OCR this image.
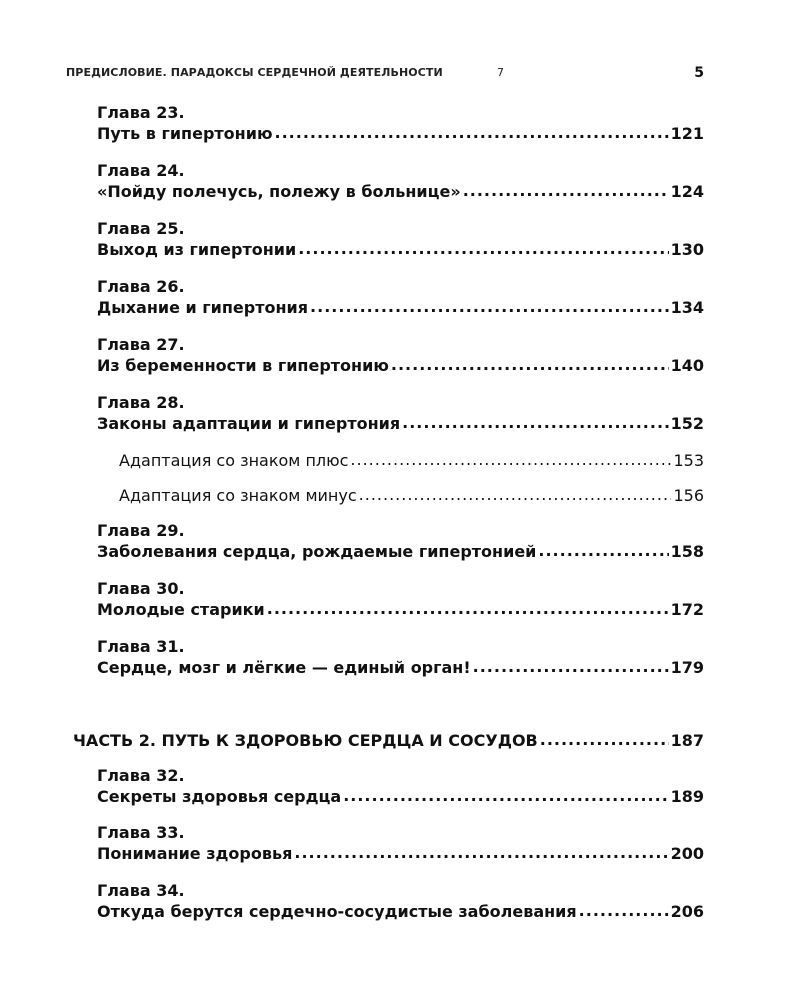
ПРЕДИСЛОВИЕ. ПАРАДОКСЫ СЕРДЕЧНОЙ ДЕЯТЕЛЬНОСТИ	7	5
Глава 23.
Путь в гипертонию .....	121
Глава 24.
«Пойду полечусь, полежу в больнице» .....	124
Глава 25.
Выход из гипертонии .....	130
Глава 26.
Дыхание и гипертония .....	134
Глава 27.
Из беременности в гипертонию .....	140
Глава 28.
Законы адаптации и гипертония .....	152
Адаптация со знаком плюс .....	153
Адаптация со знаком минус .....	156
Глава 29.
Заболевания сердца, рождаемые гипертонией .....	158
Глава 30.
Молодые старики .....	172
Глава 31.
Сердце, мозг и лёгкие — единый орган! .....	179
ЧАСТЬ 2. ПУТЬ К ЗДОРОВЬЮ СЕРДЦА И СОСУДОВ .....	187
Глава 32.
Секреты здоровья сердца .....	189
Глава 33.
Понимание здоровья .....	200
Глава 34.
Откуда берутся сердечно-сосудистые заболевания .....	206
